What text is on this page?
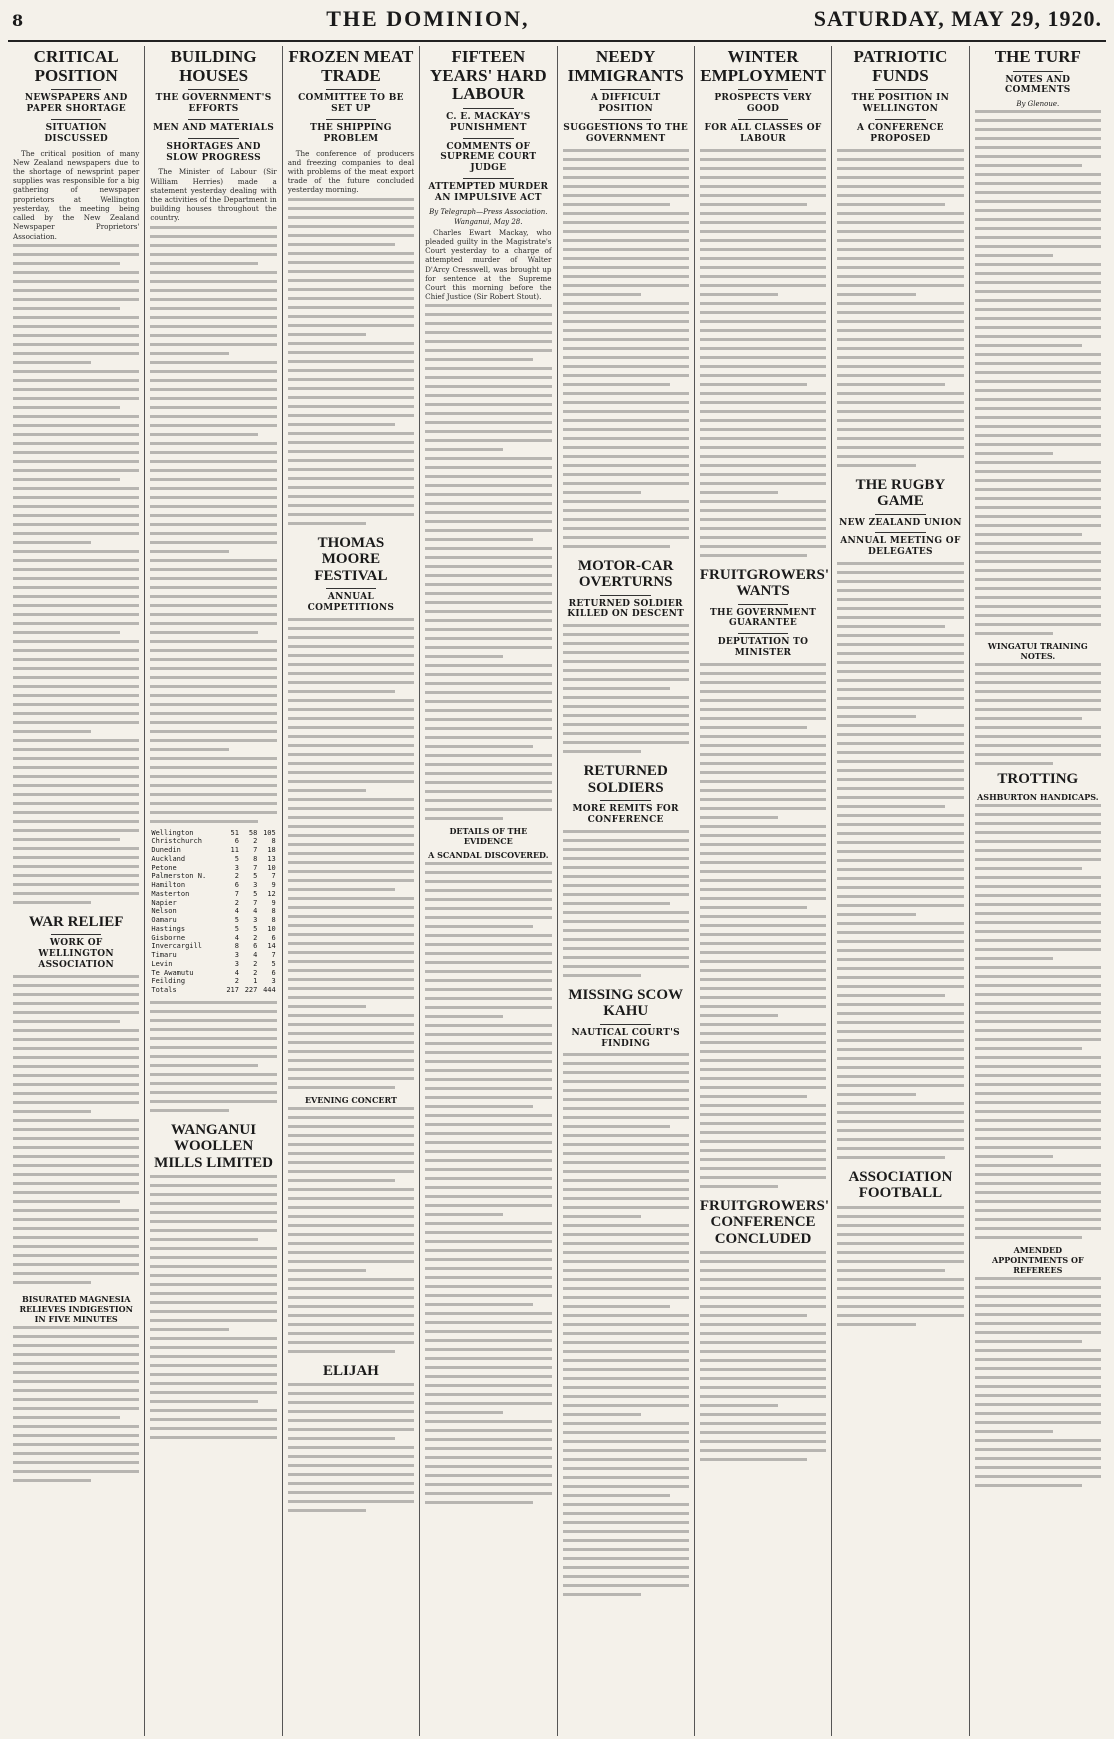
8	THE DOMINION,	SATURDAY, MAY 29, 1920.
CRITICAL POSITION
NEWSPAPERS AND PAPER SHORTAGE
SITUATION DISCUSSED

The critical position of many New Zealand newspapers due to the shortage of newsprint paper supplies was responsible for a big gathering of newspaper proprietors at Wellington yesterday, the meeting being called by the New Zealand Newspaper Proprietors' Association.

WAR RELIEF
WORK OF WELLINGTON ASSOCIATION
BISURATED MAGNESIA RELIEVES INDIGESTION IN FIVE MINUTES
BUILDING HOUSES
THE GOVERNMENT'S EFFORTS
MEN AND MATERIALS
SHORTAGES AND SLOW PROGRESS

The Minister of Labour (Sir William Herries) made a statement yesterday dealing with the activities of the Department in building houses throughout the country.

Wellington	51	58	105
Christchurch	6	2	8
Dunedin	11	7	18
Auckland	5	8	13
Petone	3	7	10
Palmerston N.	2	5	7
Hamilton	6	3	9
Masterton	7	5	12
Napier	2	7	9
Nelson	4	4	8
Oamaru	5	3	8
Hastings	5	5	10
Gisborne	4	2	6
Invercargill	8	6	14
Timaru	3	4	7
Levin	3	2	5
Te Awamutu	4	2	6
Feilding	2	1	3
Totals	217	227	444
WANGANUI WOOLLEN MILLS LIMITED
FROZEN MEAT TRADE
COMMITTEE TO BE SET UP
THE SHIPPING PROBLEM

The conference of producers and freezing companies to deal with problems of the meat export trade of the future concluded yesterday morning.

THOMAS MOORE FESTIVAL
ANNUAL COMPETITIONS
EVENING CONCERT
ELIJAH
FIFTEEN YEARS' HARD LABOUR
C. E. MACKAY'S PUNISHMENT
COMMENTS OF SUPREME COURT JUDGE
ATTEMPTED MURDER AN IMPULSIVE ACT
By Telegraph—Press Association.
Wanganui, May 28.

Charles Ewart Mackay, who pleaded guilty in the Magistrate's Court yesterday to a charge of attempted murder of Walter D'Arcy Cresswell, was brought up for sentence at the Supreme Court this morning before the Chief Justice (Sir Robert Stout).

DETAILS OF THE EVIDENCE
A SCANDAL DISCOVERED.
NEEDY IMMIGRANTS
A DIFFICULT POSITION
SUGGESTIONS TO THE GOVERNMENT
MOTOR-CAR OVERTURNS
RETURNED SOLDIER KILLED ON DESCENT
RETURNED SOLDIERS
MORE REMITS FOR CONFERENCE
MISSING SCOW KAHU
NAUTICAL COURT'S FINDING
WINTER EMPLOYMENT
PROSPECTS VERY GOOD
FOR ALL CLASSES OF LABOUR
FRUITGROWERS' WANTS
THE GOVERNMENT GUARANTEE
DEPUTATION TO MINISTER
FRUITGROWERS' CONFERENCE CONCLUDED
PATRIOTIC FUNDS
THE POSITION IN WELLINGTON
A CONFERENCE PROPOSED
THE RUGBY GAME
NEW ZEALAND UNION
ANNUAL MEETING OF DELEGATES
ASSOCIATION FOOTBALL
THE TURF
NOTES AND COMMENTS
By Glenoue.
WINGATUI TRAINING NOTES.
TROTTING
ASHBURTON HANDICAPS.
AMENDED APPOINTMENTS OF REFEREES
